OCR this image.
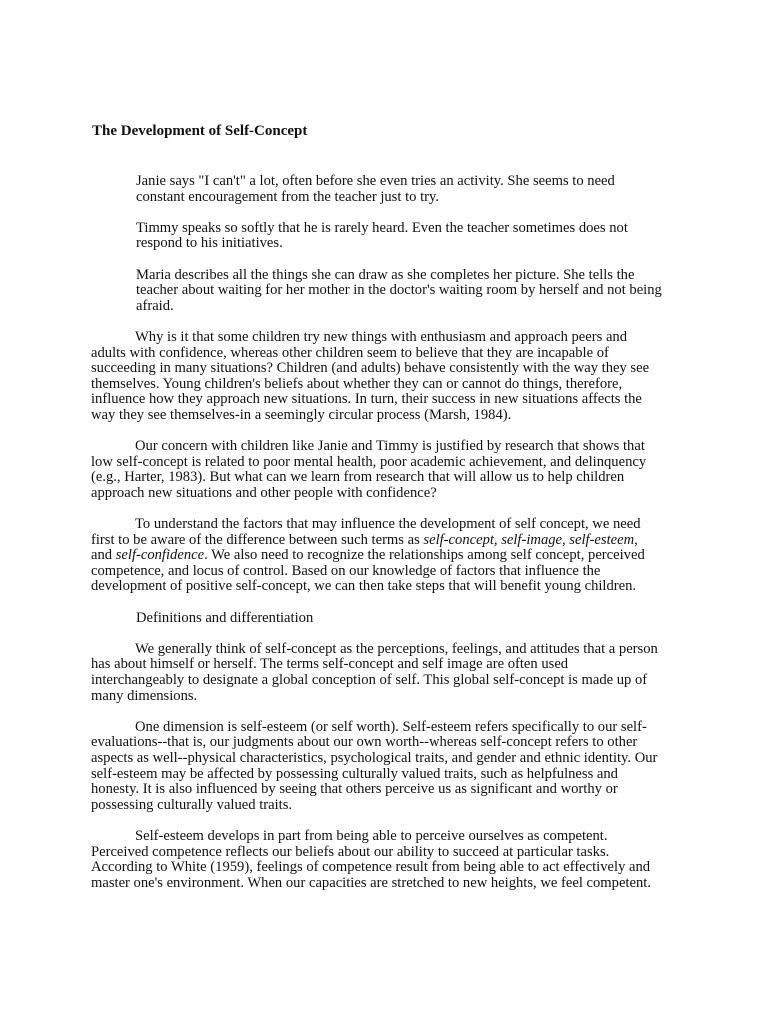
The Development of Self-Concept

Janie says "I can't" a lot, often before she even tries an activity. She seems to need constant encouragement from the teacher just to try.

Timmy speaks so softly that he is rarely heard. Even the teacher sometimes does not respond to his initiatives.

Maria describes all the things she can draw as she completes her picture. She tells the teacher about waiting for her mother in the doctor's waiting room by herself and not being afraid.

Why is it that some children try new things with enthusiasm and approach peers and adults with confidence, whereas other children seem to believe that they are incapable of succeeding in many situations? Children (and adults) behave consistently with the way they see themselves. Young children's beliefs about whether they can or cannot do things, therefore, influence how they approach new situations. In turn, their success in new situations affects the way they see themselves-in a seemingly circular process (Marsh, 1984).

Our concern with children like Janie and Timmy is justified by research that shows that low self-concept is related to poor mental health, poor academic achievement, and delinquency (e.g., Harter, 1983). But what can we learn from research that will allow us to help children approach new situations and other people with confidence?

To understand the factors that may influence the development of self concept, we need first to be aware of the difference between such terms as self-concept, self-image, self-esteem, and self-confidence. We also need to recognize the relationships among self concept, perceived competence, and locus of control. Based on our knowledge of factors that influence the development of positive self-concept, we can then take steps that will benefit young children.

Definitions and differentiation

We generally think of self-concept as the perceptions, feelings, and attitudes that a person has about himself or herself. The terms self-concept and self image are often used interchangeably to designate a global conception of self. This global self-concept is made up of many dimensions.

One dimension is self-esteem (or self worth). Self-esteem refers specifically to our self-evaluations--that is, our judgments about our own worth--whereas self-concept refers to other aspects as well--physical characteristics, psychological traits, and gender and ethnic identity. Our self-esteem may be affected by possessing culturally valued traits, such as helpfulness and honesty. It is also influenced by seeing that others perceive us as significant and worthy or possessing culturally valued traits.

Self-esteem develops in part from being able to perceive ourselves as competent. Perceived competence reflects our beliefs about our ability to succeed at particular tasks. According to White (1959), feelings of competence result from being able to act effectively and master one's environment. When our capacities are stretched to new heights, we feel competent.
